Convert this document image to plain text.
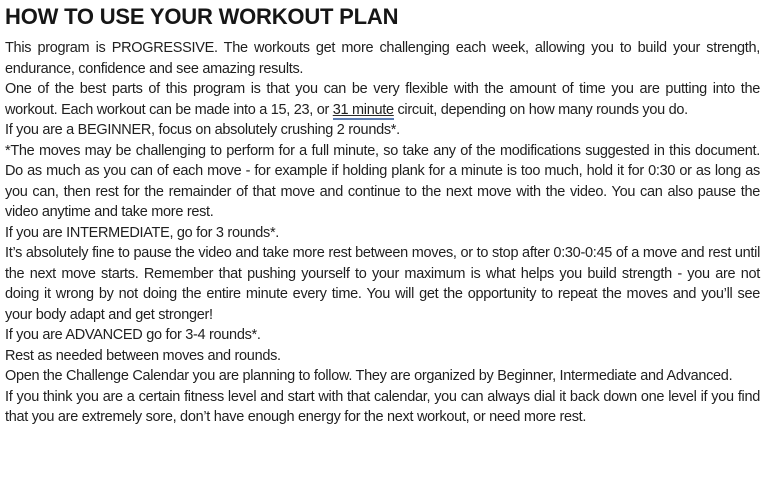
HOW TO USE YOUR WORKOUT PLAN

This program is PROGRESSIVE. The workouts get more challenging each week, allowing you to build your strength, endurance, confidence and see amazing results.

One of the best parts of this program is that you can be very flexible with the amount of time you are putting into the workout. Each workout can be made into a 15, 23, or 31 minute circuit, depending on how many rounds you do.

If you are a BEGINNER, focus on absolutely crushing 2 rounds*.

*The moves may be challenging to perform for a full minute, so take any of the modifications suggested in this document. Do as much as you can of each move - for example if holding plank for a minute is too much, hold it for 0:30 or as long as you can, then rest for the remainder of that move and continue to the next move with the video. You can also pause the video anytime and take more rest.

If you are INTERMEDIATE, go for 3 rounds*.

It’s absolutely fine to pause the video and take more rest between moves, or to stop after 0:30-0:45 of a move and rest until the next move starts. Remember that pushing yourself to your maximum is what helps you build strength - you are not doing it wrong by not doing the entire minute every time. You will get the opportunity to repeat the moves and you’ll see your body adapt and get stronger!

If you are ADVANCED go for 3-4 rounds*.

Rest as needed between moves and rounds.

Open the Challenge Calendar you are planning to follow. They are organized by Beginner, Intermediate and Advanced.

If you think you are a certain fitness level and start with that calendar, you can always dial it back down one level if you find that you are extremely sore, don’t have enough energy for the next workout, or need more rest.
